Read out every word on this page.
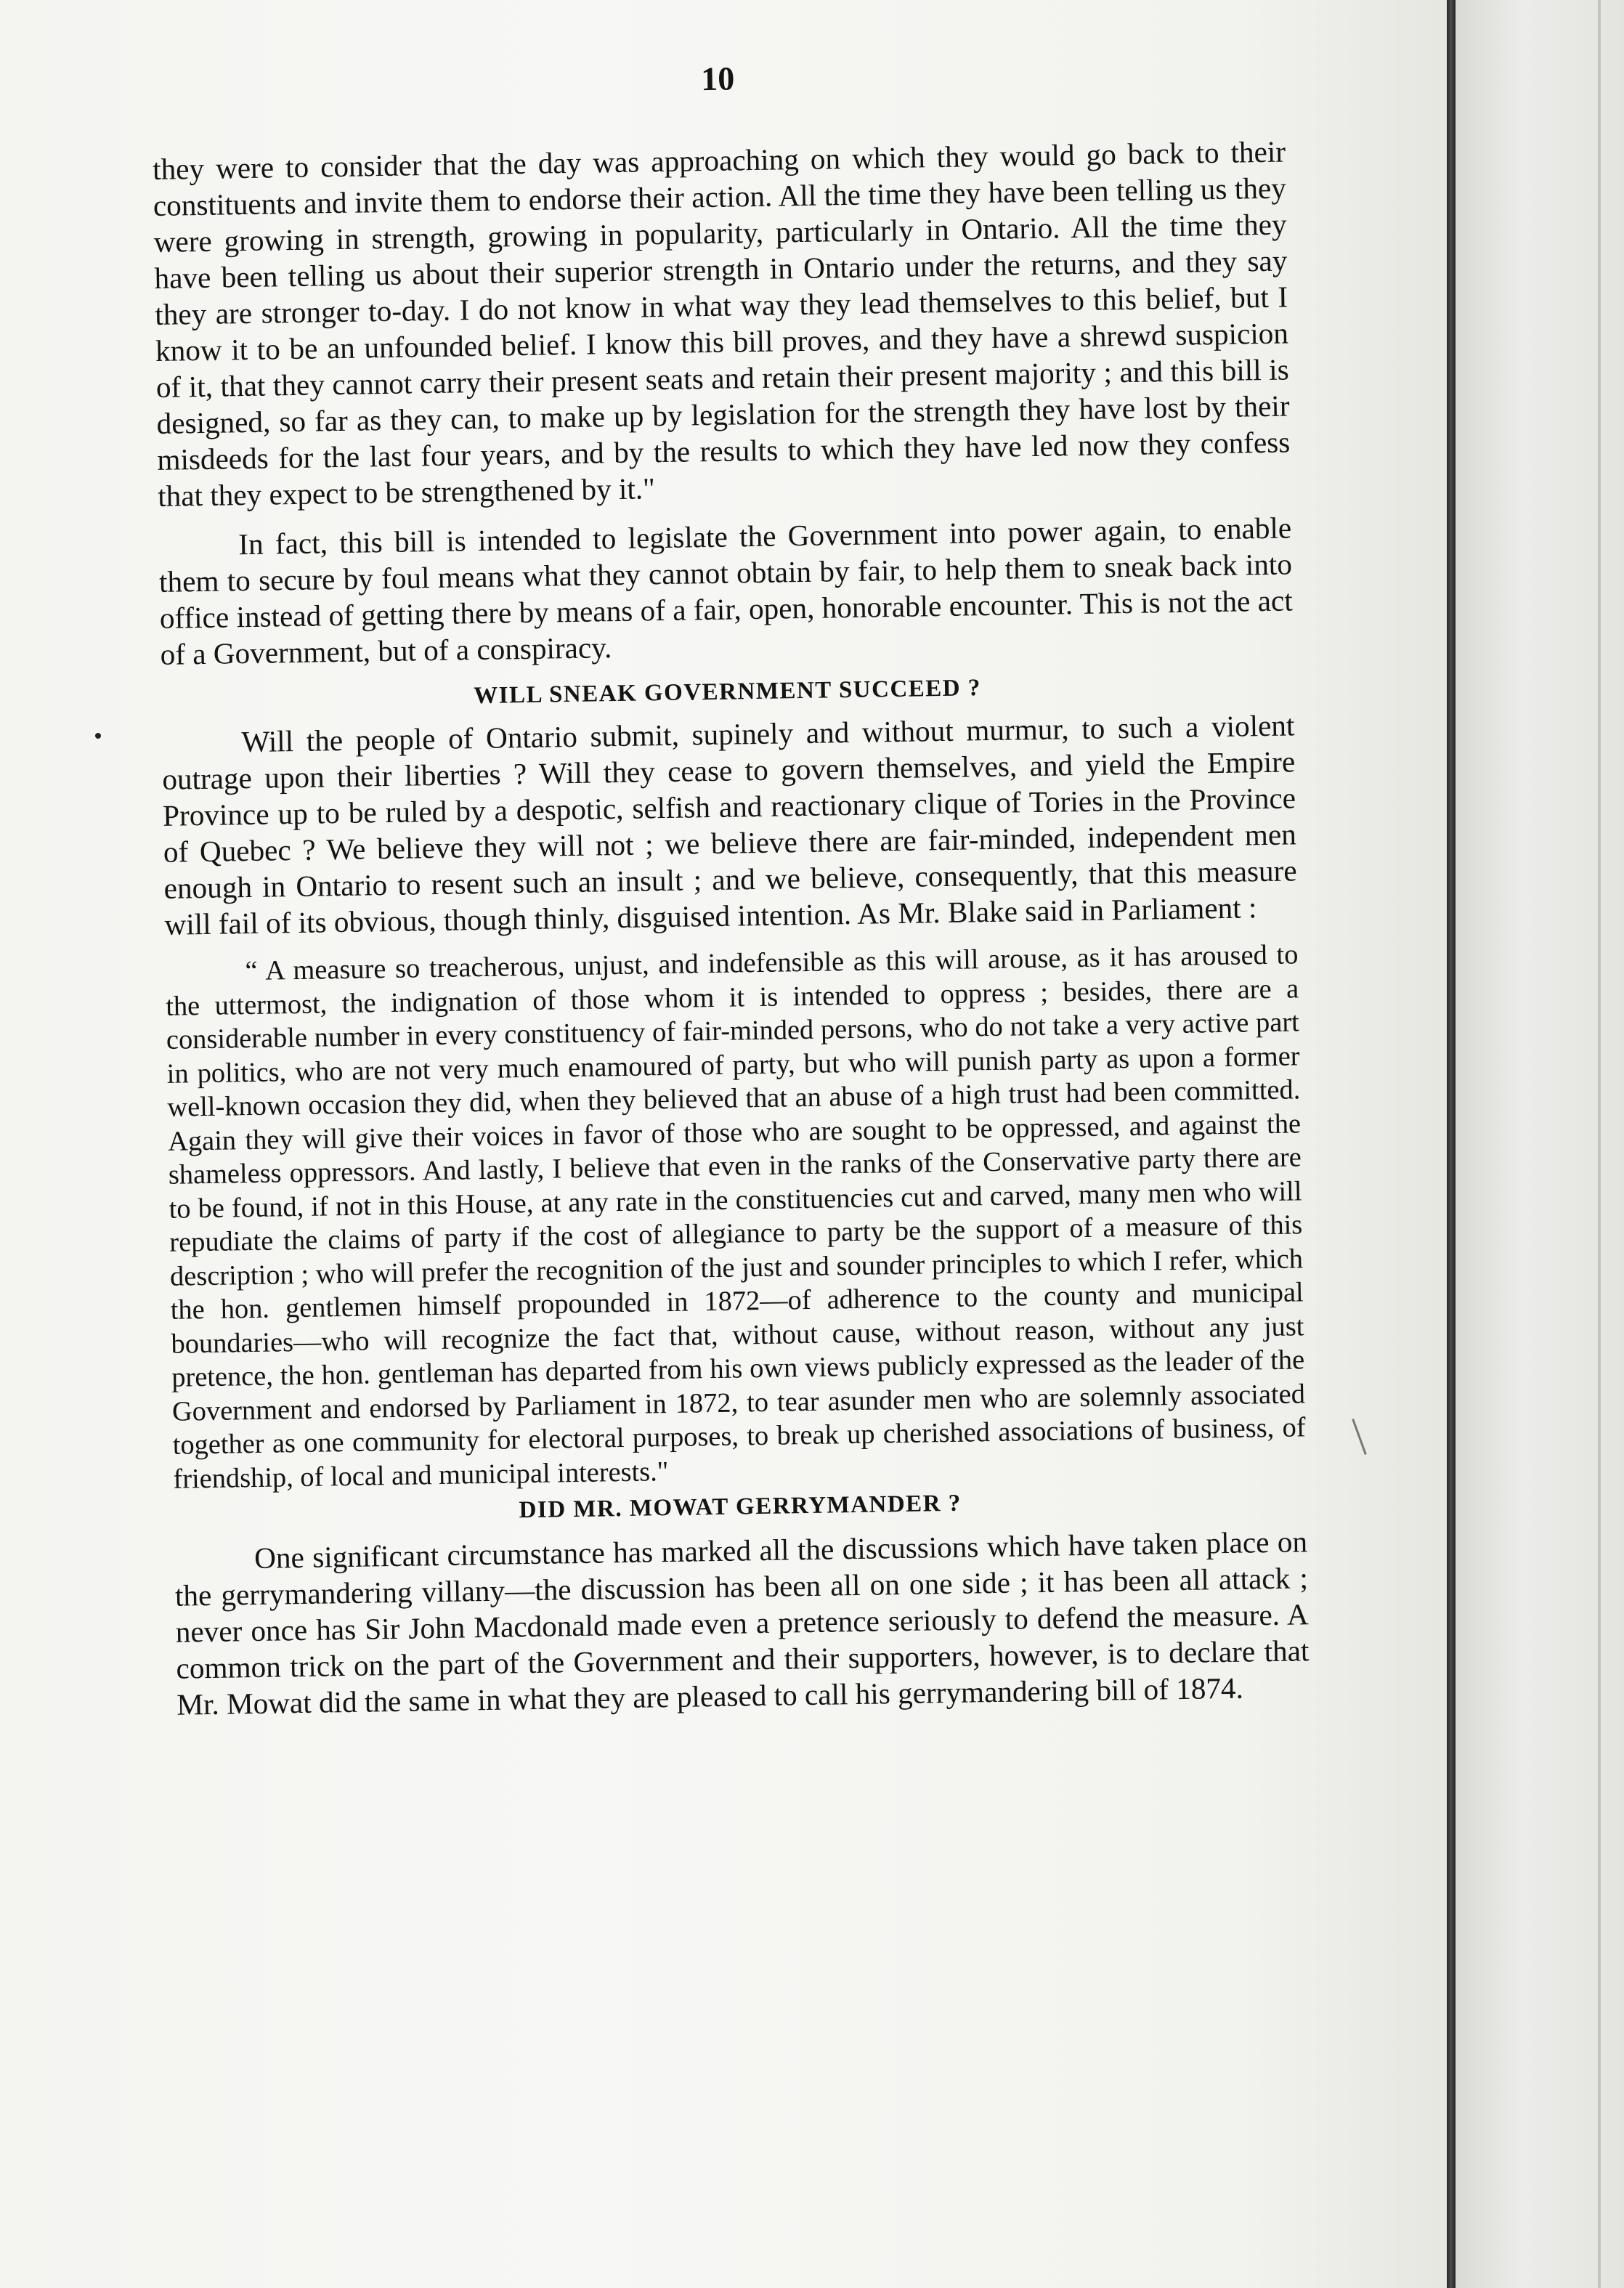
10

they were to consider that the day was approaching on which they would go back to their constituents and invite them to endorse their action. All the time they have been telling us they were growing in strength, growing in popularity, particularly in Ontario. All the time they have been telling us about their superior strength in Ontario under the returns, and they say they are stronger to-day. I do not know in what way they lead themselves to this belief, but I know it to be an unfounded belief. I know this bill proves, and they have a shrewd suspicion of it, that they cannot carry their present seats and retain their present majority ; and this bill is designed, so far as they can, to make up by legislation for the strength they have lost by their misdeeds for the last four years, and by the results to which they have led now they confess that they expect to be strengthened by it."

In fact, this bill is intended to legislate the Government into power again, to enable them to secure by foul means what they cannot obtain by fair, to help them to sneak back into office instead of getting there by means of a fair, open, honorable encounter. This is not the act of a Government, but of a conspiracy.

WILL SNEAK GOVERNMENT SUCCEED ?

Will the people of Ontario submit, supinely and without murmur, to such a violent outrage upon their liberties ? Will they cease to govern themselves, and yield the Empire Province up to be ruled by a despotic, selfish and reactionary clique of Tories in the Province of Quebec ? We believe they will not ; we believe there are fair-minded, independent men enough in Ontario to resent such an insult ; and we believe, consequently, that this measure will fail of its obvious, though thinly, disguised intention. As Mr. Blake said in Parliament :

“ A measure so treacherous, unjust, and indefensible as this will arouse, as it has aroused to the uttermost, the indignation of those whom it is intended to oppress ; besides, there are a considerable number in every constituency of fair-minded persons, who do not take a very active part in politics, who are not very much enamoured of party, but who will punish party as upon a former well-known occasion they did, when they believed that an abuse of a high trust had been committed. Again they will give their voices in favor of those who are sought to be oppressed, and against the shameless oppressors. And lastly, I believe that even in the ranks of the Conservative party there are to be found, if not in this House, at any rate in the constituencies cut and carved, many men who will repudiate the claims of party if the cost of allegiance to party be the support of a measure of this description ; who will prefer the recognition of the just and sounder principles to which I refer, which the hon. gentlemen himself propounded in 1872—of adherence to the county and municipal boundaries—who will recognize the fact that, without cause, without reason, without any just pretence, the hon. gentleman has departed from his own views publicly expressed as the leader of the Government and endorsed by Parliament in 1872, to tear asunder men who are solemnly associated together as one community for electoral purposes, to break up cherished associations of business, of friendship, of local and municipal interests."

DID MR. MOWAT GERRYMANDER ?

One significant circumstance has marked all the discussions which have taken place on the gerrymandering villany—the discussion has been all on one side ; it has been all attack ; never once has Sir John Macdonald made even a pretence seriously to defend the measure. A common trick on the part of the Government and their supporters, however, is to declare that Mr. Mowat did the same in what they are pleased to call his gerrymandering bill of 1874.
